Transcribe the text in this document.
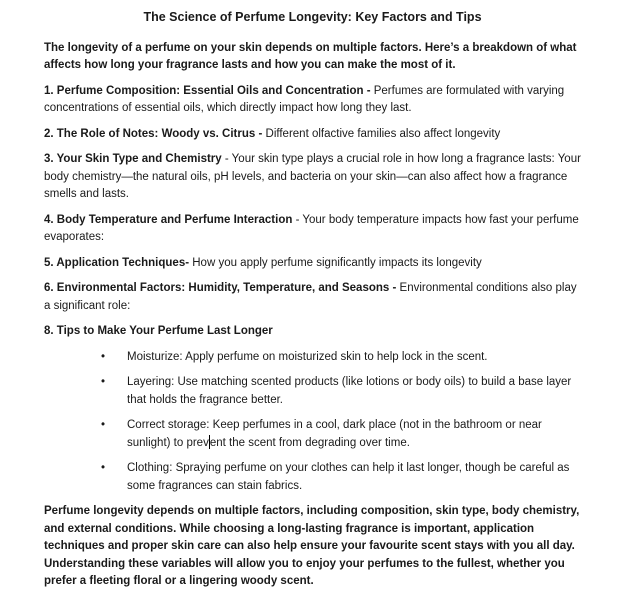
The Science of Perfume Longevity: Key Factors and Tips

The longevity of a perfume on your skin depends on multiple factors. Here’s a breakdown of what affects how long your fragrance lasts and how you can make the most of it.

1. Perfume Composition: Essential Oils and Concentration - Perfumes are formulated with varying concentrations of essential oils, which directly impact how long they last.

2. The Role of Notes: Woody vs. Citrus - Different olfactive families also affect longevity

3. Your Skin Type and Chemistry - Your skin type plays a crucial role in how long a fragrance lasts: Your body chemistry—the natural oils, pH levels, and bacteria on your skin—can also affect how a fragrance smells and lasts.

4. Body Temperature and Perfume Interaction - Your body temperature impacts how fast your perfume evaporates:

5. Application Techniques- How you apply perfume significantly impacts its longevity

6. Environmental Factors: Humidity, Temperature, and Seasons - Environmental conditions also play a significant role:

8. Tips to Make Your Perfume Last Longer

• Moisturize: Apply perfume on moisturized skin to help lock in the scent.
• Layering: Use matching scented products (like lotions or body oils) to build a base layer that holds the fragrance better.
• Correct storage: Keep perfumes in a cool, dark place (not in the bathroom or near sunlight) to prevent the scent from degrading over time.
• Clothing: Spraying perfume on your clothes can help it last longer, though be careful as some fragrances can stain fabrics.

Perfume longevity depends on multiple factors, including composition, skin type, body chemistry, and external conditions. While choosing a long-lasting fragrance is important, application techniques and proper skin care can also help ensure your favourite scent stays with you all day. Understanding these variables will allow you to enjoy your perfumes to the fullest, whether you prefer a fleeting floral or a lingering woody scent.
